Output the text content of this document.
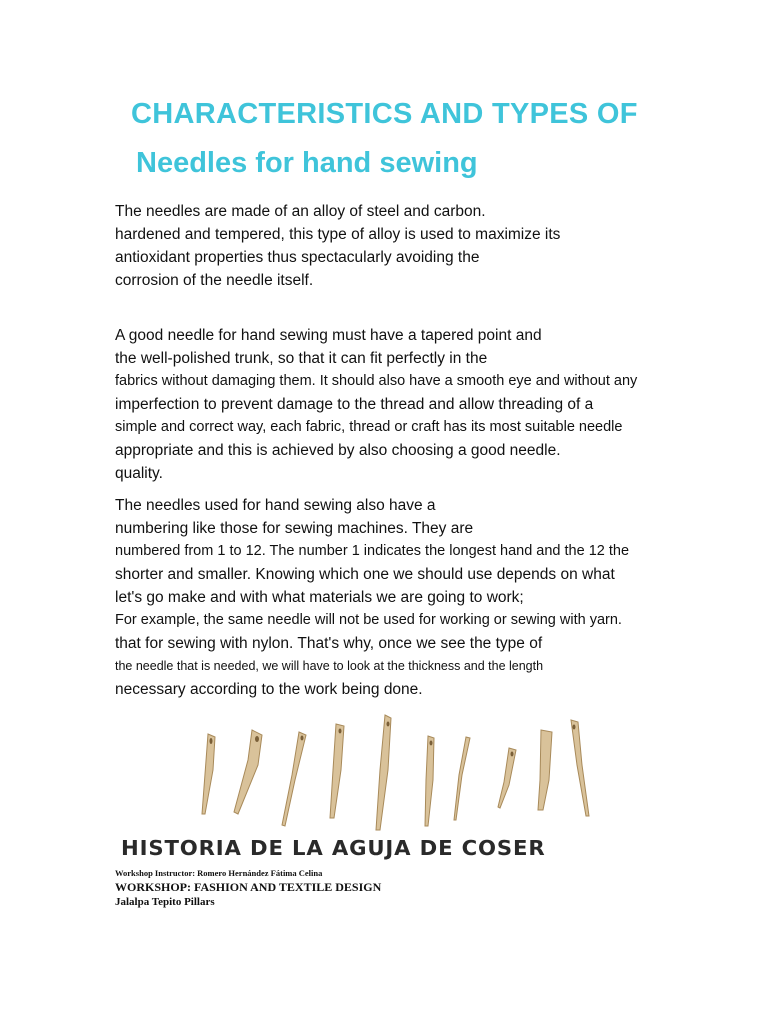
CHARACTERISTICS AND TYPES OF
Needles for hand sewing
The needles are made of an alloy of steel and carbon.
hardened and tempered, this type of alloy is used to maximize its
antioxidant properties thus spectacularly avoiding the
corrosion of the needle itself.
A good needle for hand sewing must have a tapered point and
the well-polished trunk, so that it can fit perfectly in the
fabrics without damaging them. It should also have a smooth eye and without any
imperfection to prevent damage to the thread and allow threading of a
simple and correct way, each fabric, thread or craft has its most suitable needle
appropriate and this is achieved by also choosing a good needle.
quality.
The needles used for hand sewing also have a
numbering like those for sewing machines. They are
numbered from 1 to 12. The number 1 indicates the longest hand and the 12 the
shorter and smaller. Knowing which one we should use depends on what
let's go make and with what materials we are going to work;
For example, the same needle will not be used for working or sewing with yarn.
that for sewing with nylon. That's why, once we see the type of
the needle that is needed, we will have to look at the thickness and the length
necessary according to the work being done.

HISTORIA DE LA AGUJA DE COSER

Workshop Instructor: Romero Hernández Fátima Celina
WORKSHOP: FASHION AND TEXTILE DESIGN
Jalalpa Tepito Pillars
